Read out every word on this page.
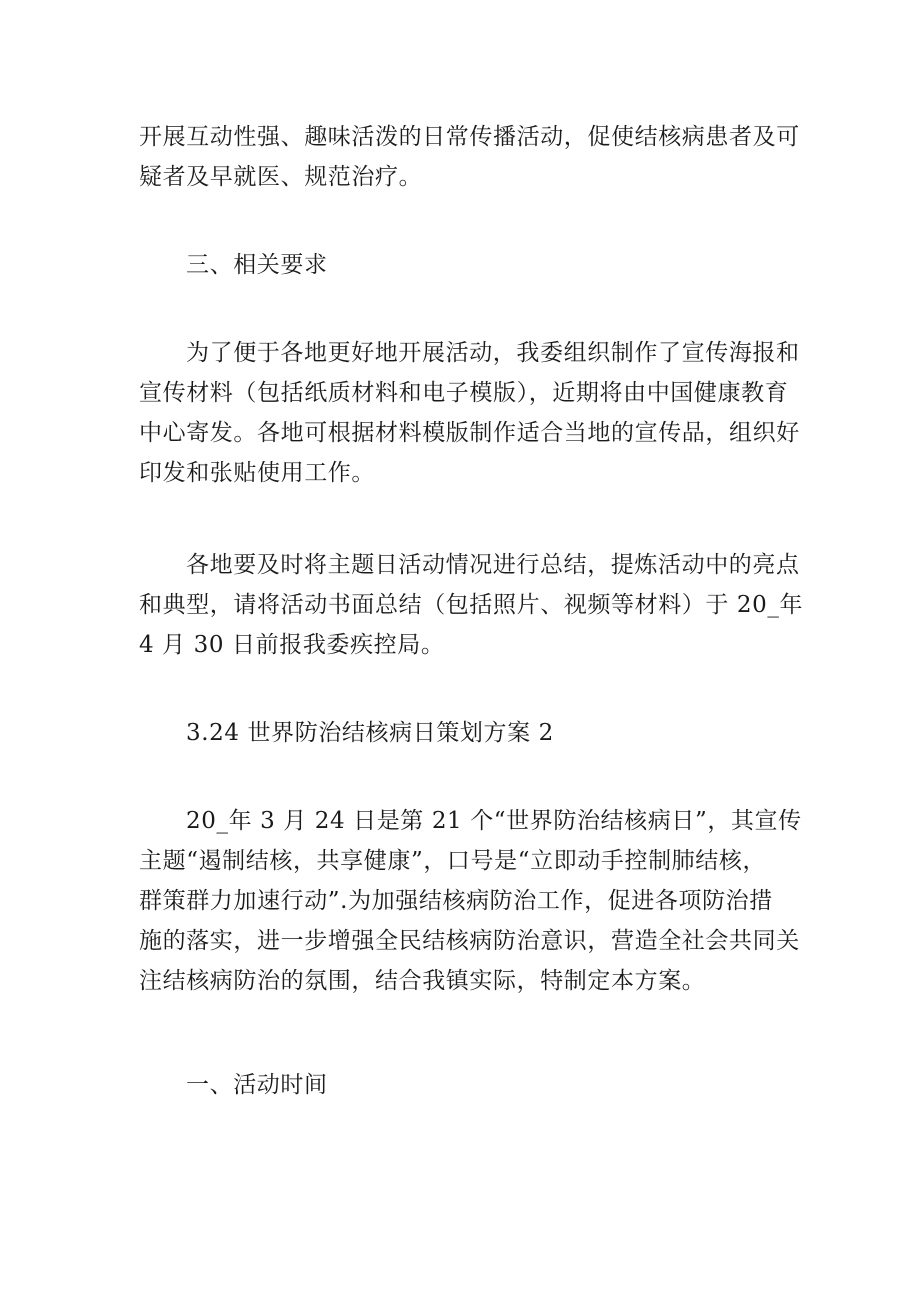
开展互动性强、趣味活泼的日常传播活动，促使结核病患者及可
疑者及早就医、规范治疗。
三、相关要求
为了便于各地更好地开展活动，我委组织制作了宣传海报和
宣传材料（包括纸质材料和电子模版），近期将由中国健康教育
中心寄发。各地可根据材料模版制作适合当地的宣传品，组织好
印发和张贴使用工作。
各地要及时将主题日活动情况进行总结，提炼活动中的亮点
和典型，请将活动书面总结（包括照片、视频等材料）于 20_年
4 月 30 日前报我委疾控局。
3.24 世界防治结核病日策划方案 2
20_年 3 月 24 日是第 21 个“世界防治结核病日”，其宣传
主题“遏制结核，共享健康”，口号是“立即动手控制肺结核，
群策群力加速行动”.为加强结核病防治工作，促进各项防治措
施的落实，进一步增强全民结核病防治意识，营造全社会共同关
注结核病防治的氛围，结合我镇实际，特制定本方案。
一、活动时间
